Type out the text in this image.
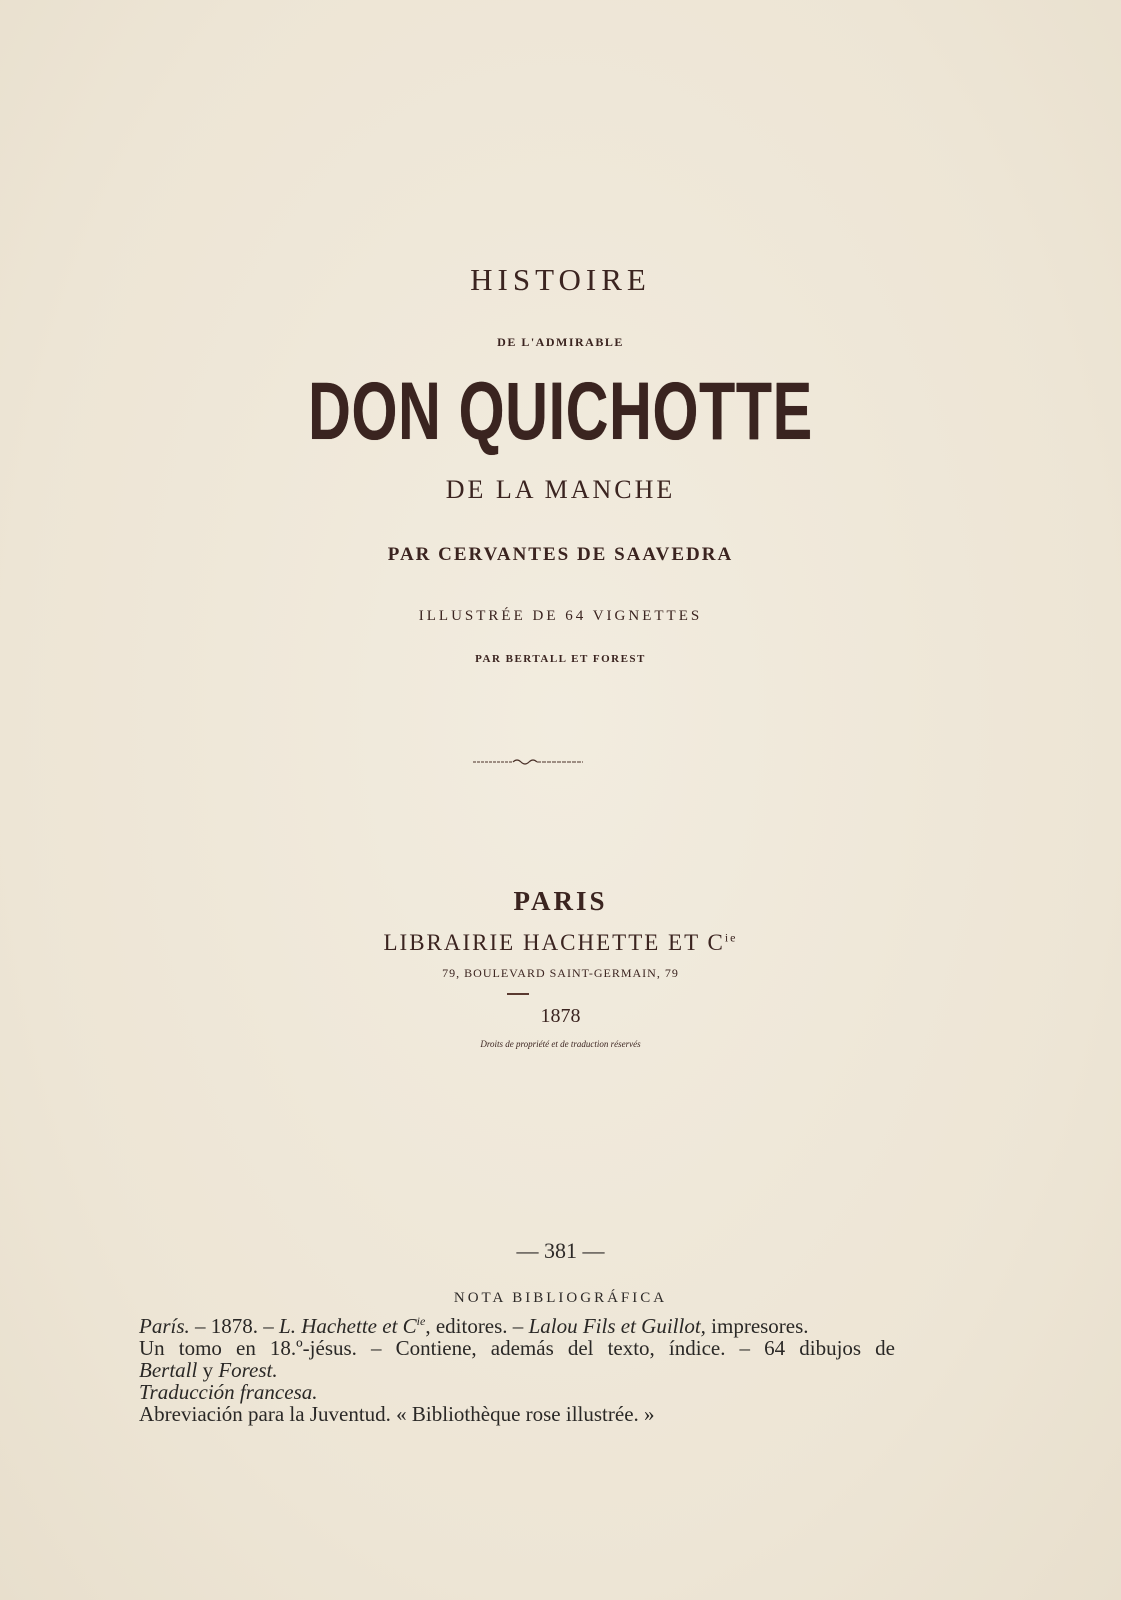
HISTOIRE
DE L'ADMIRABLE
DON QUICHOTTE
DE LA MANCHE
PAR CERVANTES DE SAAVEDRA
ILLUSTRÉE DE 64 VIGNETTES
PAR BERTALL ET FOREST
PARIS
LIBRAIRIE HACHETTE ET $C^{ie}$
79, BOULEVARD SAINT-GERMAIN, 79
1878
Droits de propriété et de traduction réservés
— 381 —
NOTA BIBLIOGRÁFICA
París. – 1878. – L. Hachette et $C^{ie}$, editores. – Lalou Fils et Guillot, impresores.
Un tomo en 18.º-jésus. – Contiene, además del texto, índice. – 64 dibujos de
Bertall y Forest.
Traducción francesa.
Abreviación para la Juventud. « Bibliothèque rose illustrée. »
